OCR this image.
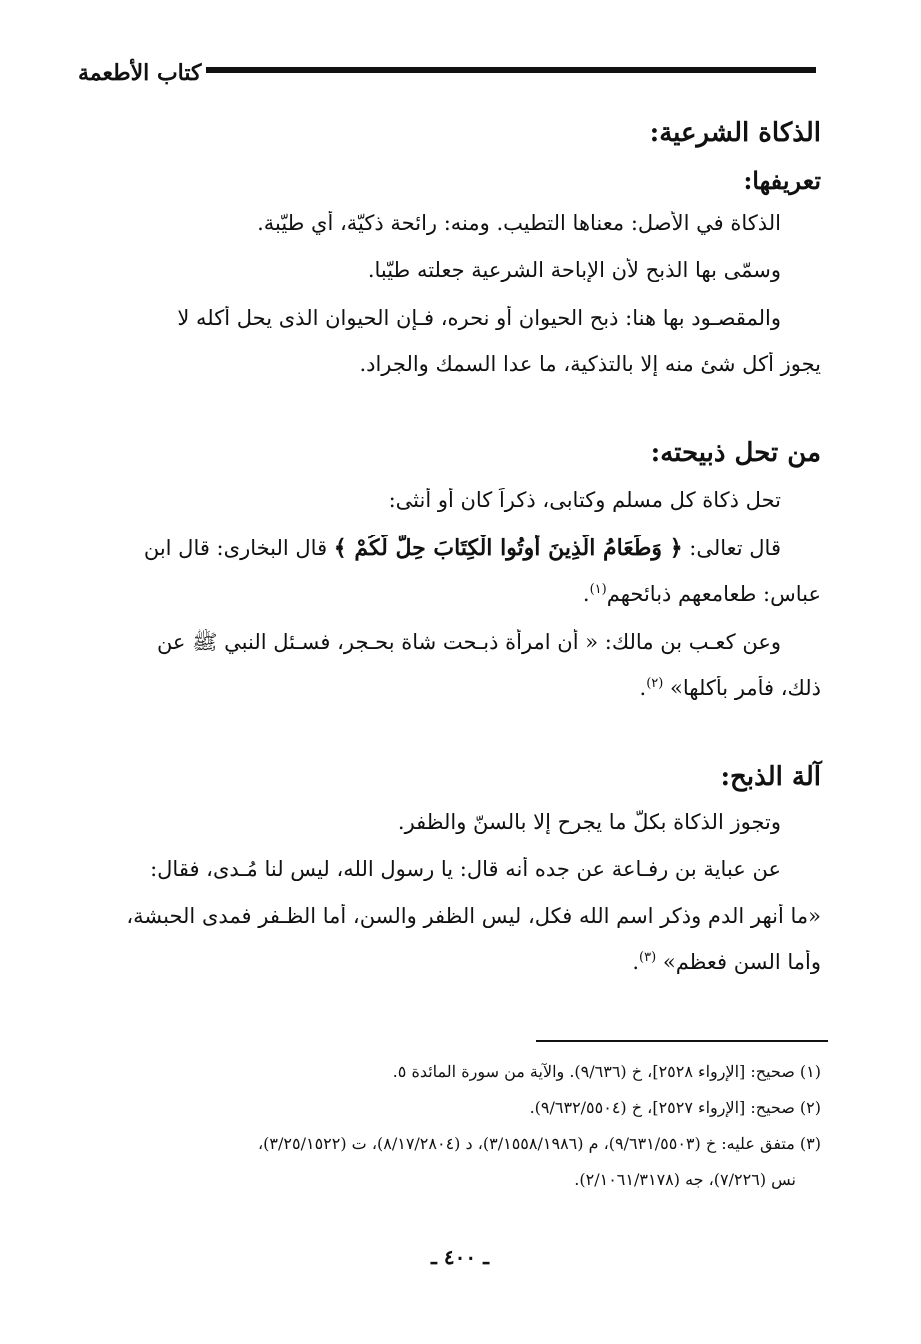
كتاب الأطعمة
الذكاة الشرعية:
تعريفها:
الذكاة في الأصل: معناها التطيب. ومنه: رائحة ذكيّة، أي طيّبة.
وسمّى بها الذبح لأن الإباحة الشرعية جعلته طيّبا.
والمقصـود بها هنا: ذبح الحيوان أو نحره، فـإن الحيوان الذى يحل أكله لا
يجوز أكل شئ منه إلا بالتذكية، ما عدا السمك والجراد.
من تحل ذبيحته:
تحل ذكاة كل مسلم وكتابى، ذكراً كان أو أنثى:
قال تعالى: ﴿ وَطَعَامُ الَّذِينَ أُوتُوا الْكِتَابَ حِلٌّ لَّكُمْ ﴾ قال البخارى: قال ابن
عباس: طعامعهم ذبائحهم$^{(١)}$.
وعن كعـب بن مالك: « أن امرأة ذبـحت شاة بحـجر، فسـئل النبي ﷺ عن
ذلك، فأمر بأكلها» $^{(٢)}$.
آلة الذبح:
وتجوز الذكاة بكلّ ما يجرح إلا بالسنّ والظفر.
عن عباية بن رفـاعة عن جده أنه قال: يا رسول الله، ليس لنا مُـدى، فقال:
«ما أنهر الدم وذكر اسم الله فكل، ليس الظفر والسن، أما الظـفر فمدى الحبشة،
وأما السن فعظم» $^{(٣)}$.
(١) صحيح: [الإرواء ٢٥٢٨]، خ (٩/٦٣٦). والآية من سورة المائدة ٥.
(٢) صحيح: [الإرواء ٢٥٢٧]، خ (٩/٦٣٢/٥٥٠٤).
(٣) متفق عليه: خ (٩/٦٣١/٥٥٠٣)، م (٣/١٥٥٨/١٩٨٦)، د (٨/١٧/٢٨٠٤)، ت (٣/٢٥/١٥٢٢)،
نس (٧/٢٢٦)، جه (٢/١٠٦١/٣١٧٨).
ـ ٤٠٠ ـ
